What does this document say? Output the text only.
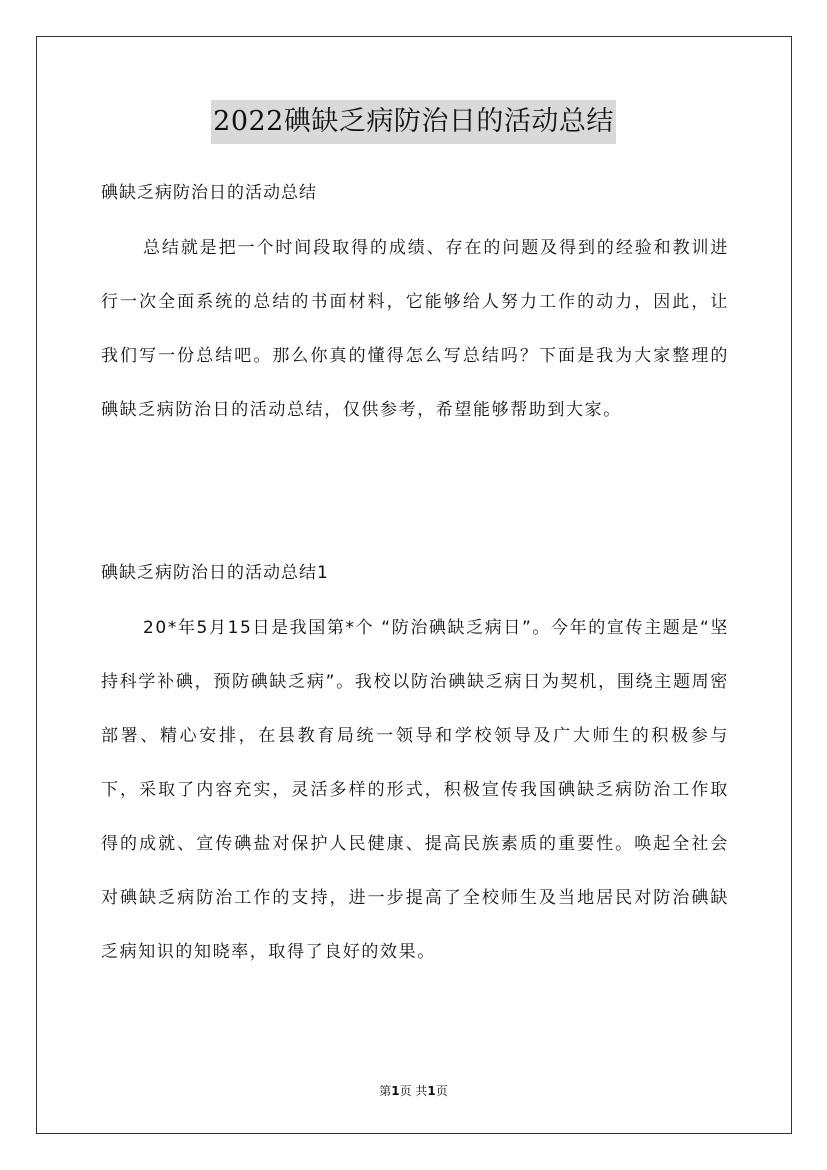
2022碘缺乏病防治日的活动总结
碘缺乏病防治日的活动总结

总结就是把一个时间段取得的成绩、存在的问题及得到的经验和教训进行一次全面系统的总结的书面材料，它能够给人努力工作的动力，因此，让我们写一份总结吧。那么你真的懂得怎么写总结吗？下面是我为大家整理的碘缺乏病防治日的活动总结，仅供参考，希望能够帮助到大家。

碘缺乏病防治日的活动总结1

20*年5月15日是我国第*个 “防治碘缺乏病日”。今年的宣传主题是“坚持科学补碘，预防碘缺乏病”。我校以防治碘缺乏病日为契机，围绕主题周密部署、精心安排，在县教育局统一领导和学校领导及广大师生的积极参与下，采取了内容充实，灵活多样的形式，积极宣传我国碘缺乏病防治工作取得的成就、宣传碘盐对保护人民健康、提高民族素质的重要性。唤起全社会对碘缺乏病防治工作的支持，进一步提高了全校师生及当地居民对防治碘缺乏病知识的知晓率，取得了良好的效果。

第1页 共1页
